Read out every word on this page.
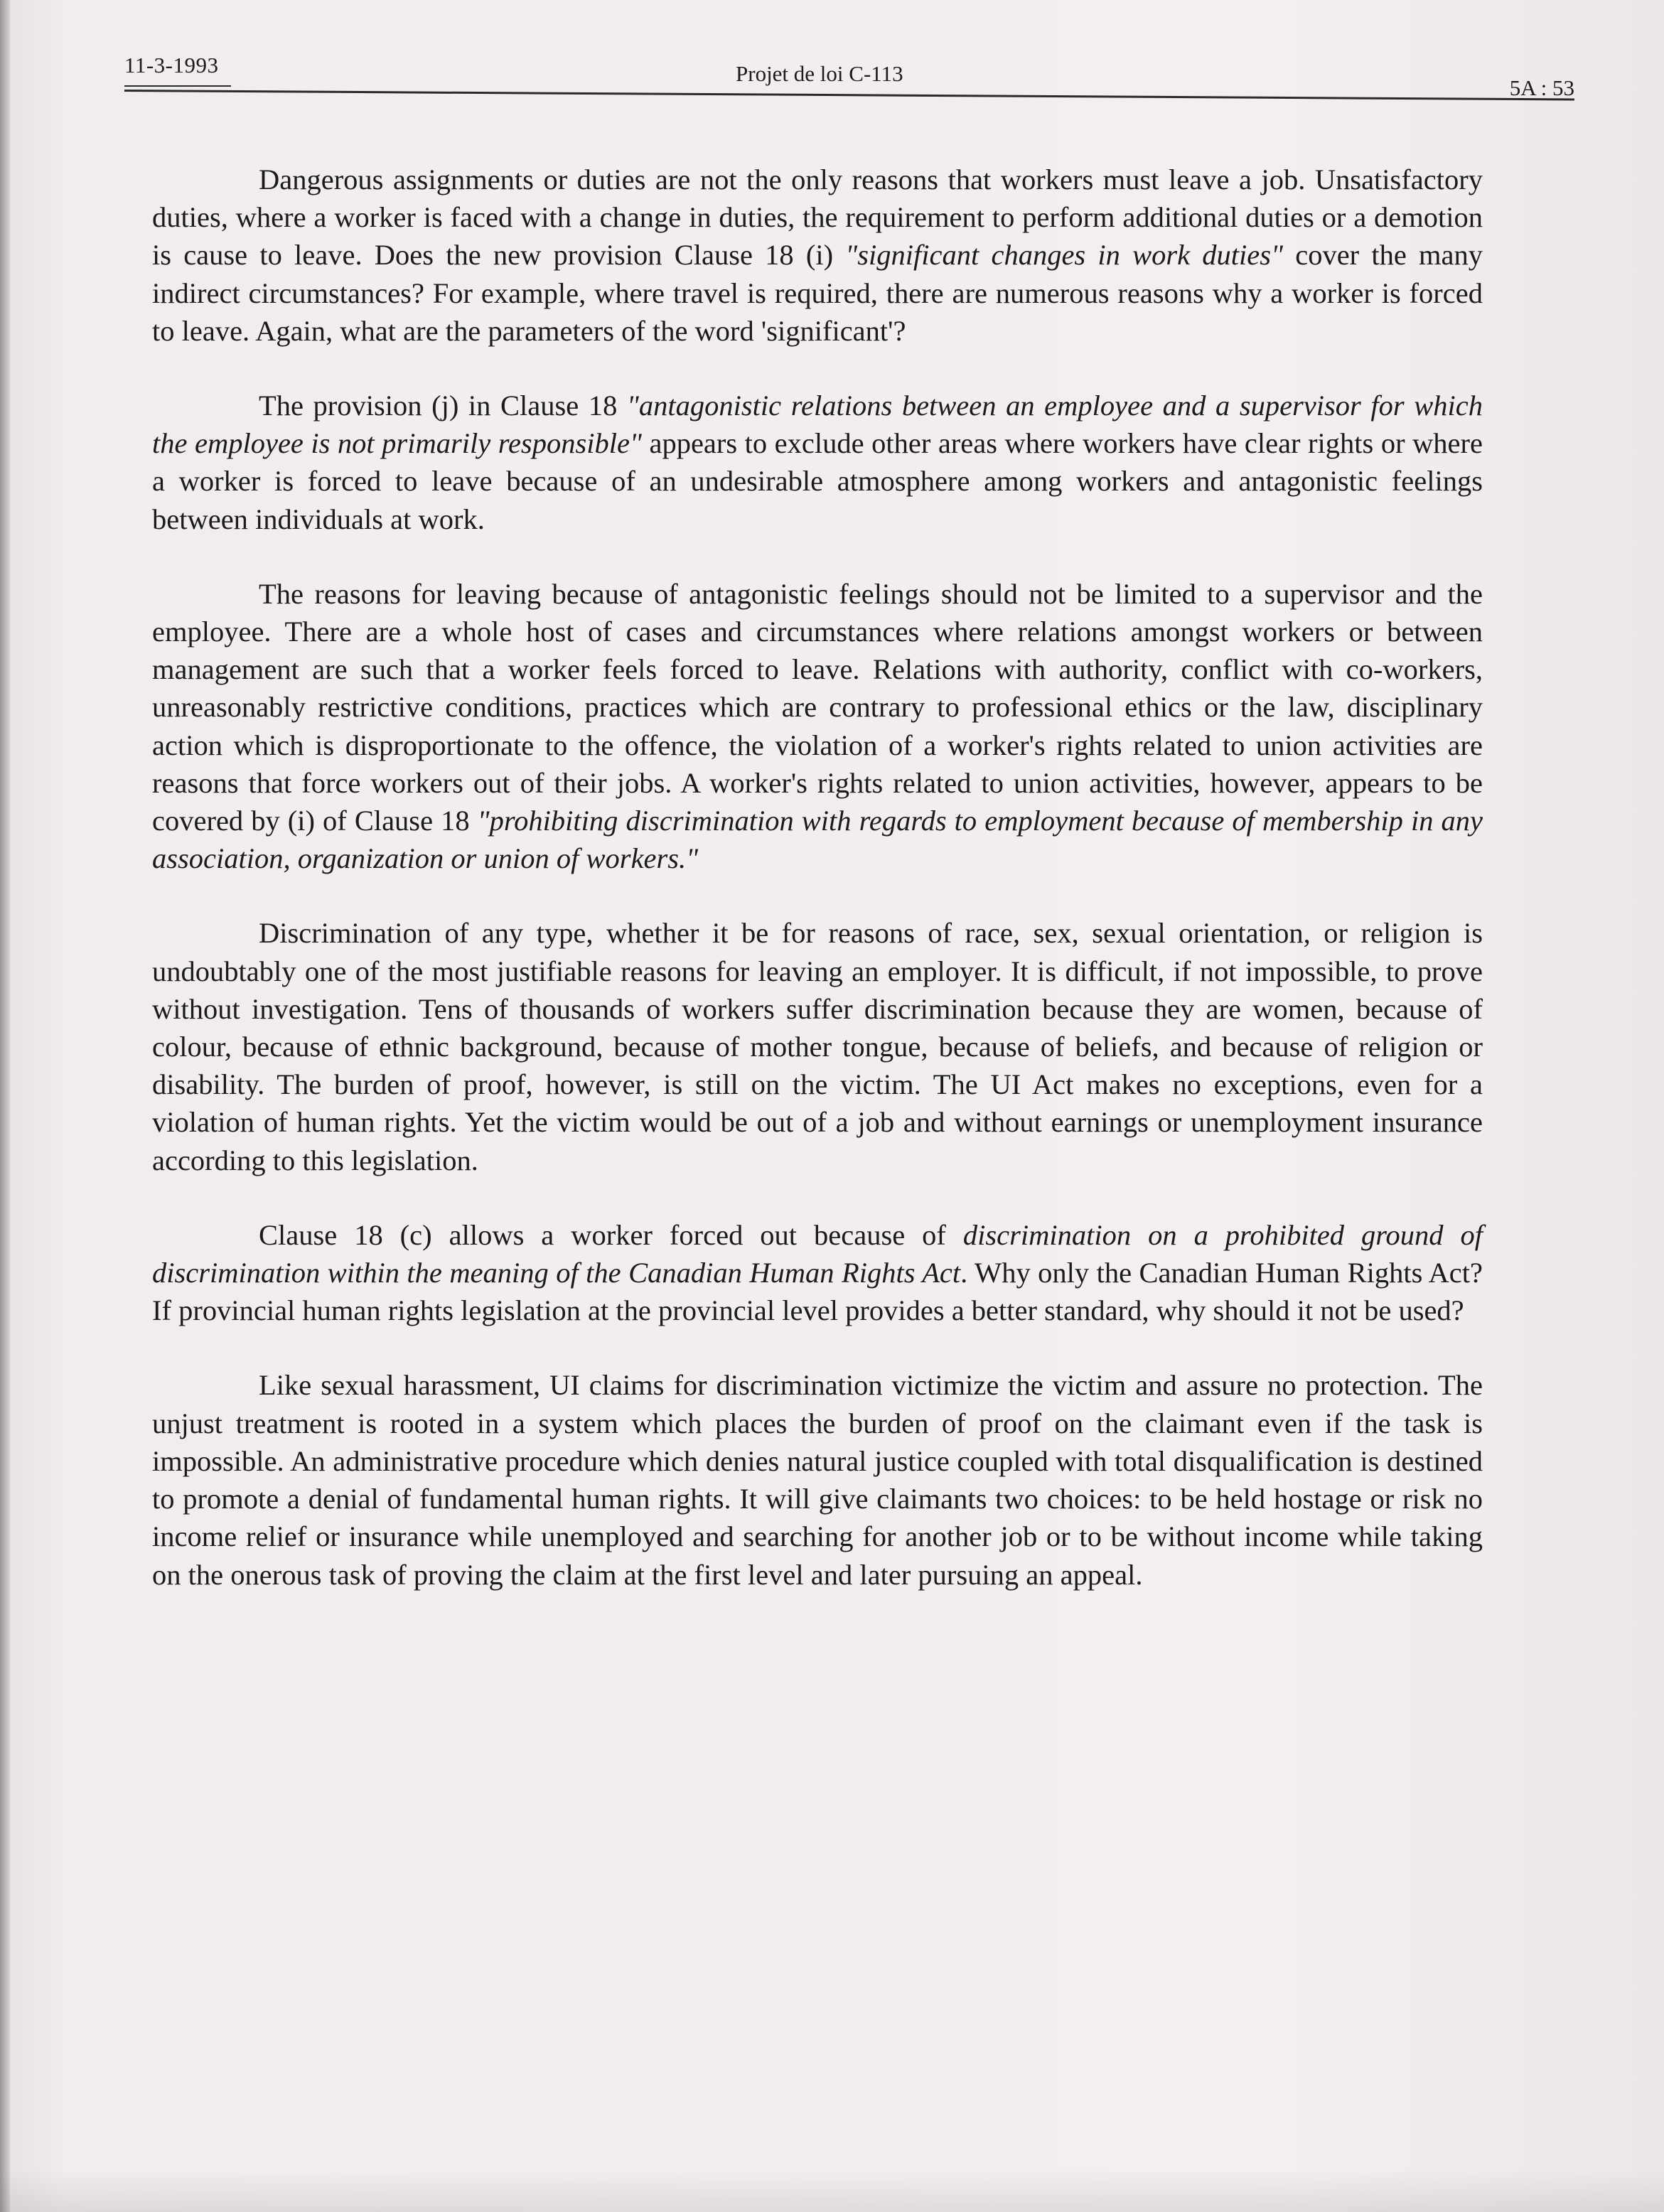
11-3-1993	Projet de loi C-113
5A : 53

Dangerous assignments or duties are not the only reasons that workers must leave a job. Unsatisfactory duties, where a worker is faced with a change in duties, the requirement to perform additional duties or a demotion is cause to leave. Does the new provision Clause 18 (i) "significant changes in work duties" cover the many indirect circumstances? For example, where travel is required, there are numerous reasons why a worker is forced to leave. Again, what are the parameters of the word 'significant'?

The provision (j) in Clause 18 "antagonistic relations between an employee and a supervisor for which the employee is not primarily responsible" appears to exclude other areas where workers have clear rights or where a worker is forced to leave because of an undesirable atmosphere among workers and antagonistic feelings between individuals at work.

The reasons for leaving because of antagonistic feelings should not be limited to a supervisor and the employee. There are a whole host of cases and circumstances where relations amongst workers or between management are such that a worker feels forced to leave. Relations with authority, conflict with co-workers, unreasonably restrictive conditions, practices which are contrary to professional ethics or the law, disciplinary action which is disproportionate to the offence, the violation of a worker's rights related to union activities are reasons that force workers out of their jobs. A worker's rights related to union activities, however, appears to be covered by (i) of Clause 18 "prohibiting discrimination with regards to employment because of membership in any association, organization or union of workers."

Discrimination of any type, whether it be for reasons of race, sex, sexual orientation, or religion is undoubtably one of the most justifiable reasons for leaving an employer. It is difficult, if not impossible, to prove without investigation. Tens of thousands of workers suffer discrimination because they are women, because of colour, because of ethnic background, because of mother tongue, because of beliefs, and because of religion or disability. The burden of proof, however, is still on the victim. The UI Act makes no exceptions, even for a violation of human rights. Yet the victim would be out of a job and without earnings or unemployment insurance according to this legislation.

Clause 18 (c) allows a worker forced out because of discrimination on a prohibited ground of discrimination within the meaning of the Canadian Human Rights Act. Why only the Canadian Human Rights Act? If provincial human rights legislation at the provincial level provides a better standard, why should it not be used?

Like sexual harassment, UI claims for discrimination victimize the victim and assure no protection. The unjust treatment is rooted in a system which places the burden of proof on the claimant even if the task is impossible. An administrative procedure which denies natural justice coupled with total disqualification is destined to promote a denial of fundamental human rights. It will give claimants two choices: to be held hostage or risk no income relief or insurance while unemployed and searching for another job or to be without income while taking on the onerous task of proving the claim at the first level and later pursuing an appeal.
